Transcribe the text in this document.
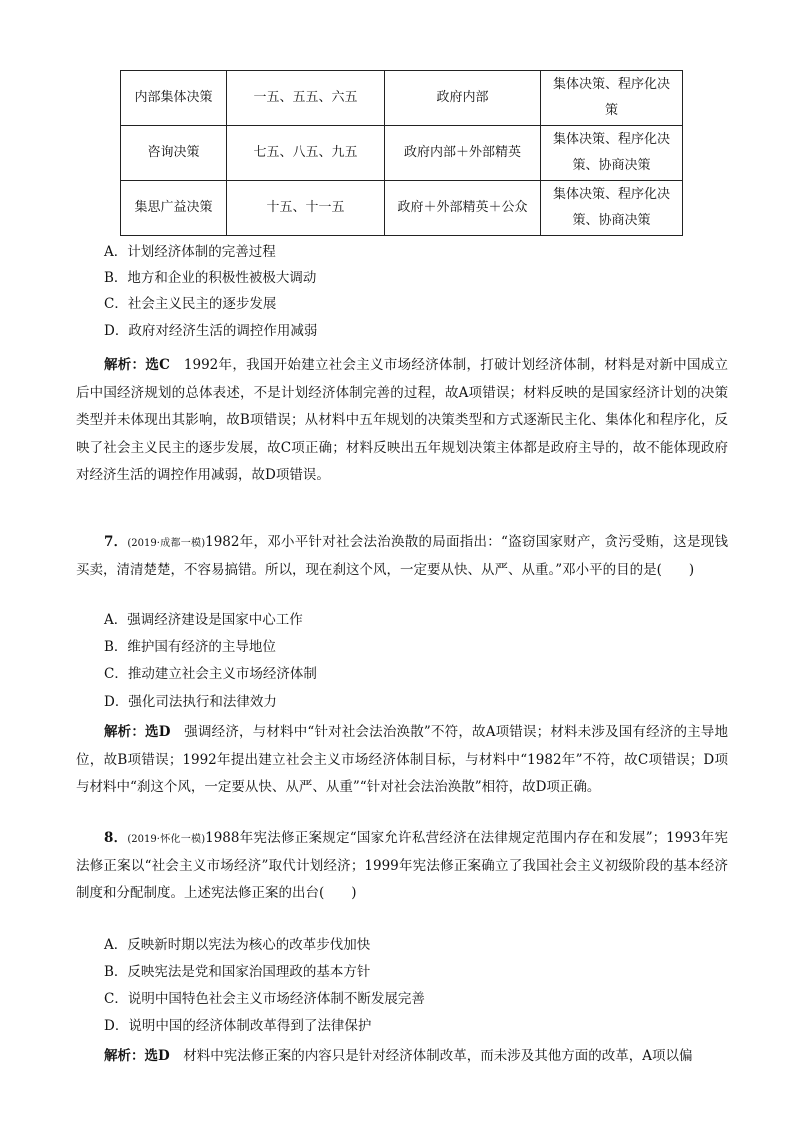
内部集体决策	一五、五五、六五	政府内部	集体决策、程序化决
策
咨询决策	七五、八五、九五	政府内部＋外部精英	集体决策、程序化决
策、协商决策
集思广益决策	十五、十一五	政府＋外部精英＋公众	集体决策、程序化决
策、协商决策
A．计划经济体制的完善过程
B．地方和企业的积极性被极大调动
C．社会主义民主的逐步发展
D．政府对经济生活的调控作用减弱
解析：选C　1992年，我国开始建立社会主义市场经济体制，打破计划经济体制，材料是对新中国成立后中国经济规划的总体表述，不是计划经济体制完善的过程，故A项错误；材料反映的是国家经济计划的决策类型并未体现出其影响，故B项错误；从材料中五年规划的决策类型和方式逐渐民主化、集体化和程序化，反映了社会主义民主的逐步发展，故C项正确；材料反映出五年规划决策主体都是政府主导的，故不能体现政府对经济生活的调控作用减弱，故D项错误。
7．(2019·成都一模)1982年，邓小平针对社会法治涣散的局面指出：“盗窃国家财产，贪污受贿，这是现钱买卖，清清楚楚，不容易搞错。所以，现在刹这个风，一定要从快、从严、从重。”邓小平的目的是(　　)
A．强调经济建设是国家中心工作
B．维护国有经济的主导地位
C．推动建立社会主义市场经济体制
D．强化司法执行和法律效力
解析：选D　强调经济，与材料中“针对社会法治涣散”不符，故A项错误；材料未涉及国有经济的主导地位，故B项错误；1992年提出建立社会主义市场经济体制目标，与材料中“1982年”不符，故C项错误；D项与材料中“刹这个风，一定要从快、从严、从重”“针对社会法治涣散”相符，故D项正确。
8．(2019·怀化一模)1988年宪法修正案规定“国家允许私营经济在法律规定范围内存在和发展”；1993年宪法修正案以“社会主义市场经济”取代计划经济；1999年宪法修正案确立了我国社会主义初级阶段的基本经济制度和分配制度。上述宪法修正案的出台(　　)
A．反映新时期以宪法为核心的改革步伐加快
B．反映宪法是党和国家治国理政的基本方针
C．说明中国特色社会主义市场经济体制不断发展完善
D．说明中国的经济体制改革得到了法律保护
解析：选D　材料中宪法修正案的内容只是针对经济体制改革，而未涉及其他方面的改革，A项以偏
